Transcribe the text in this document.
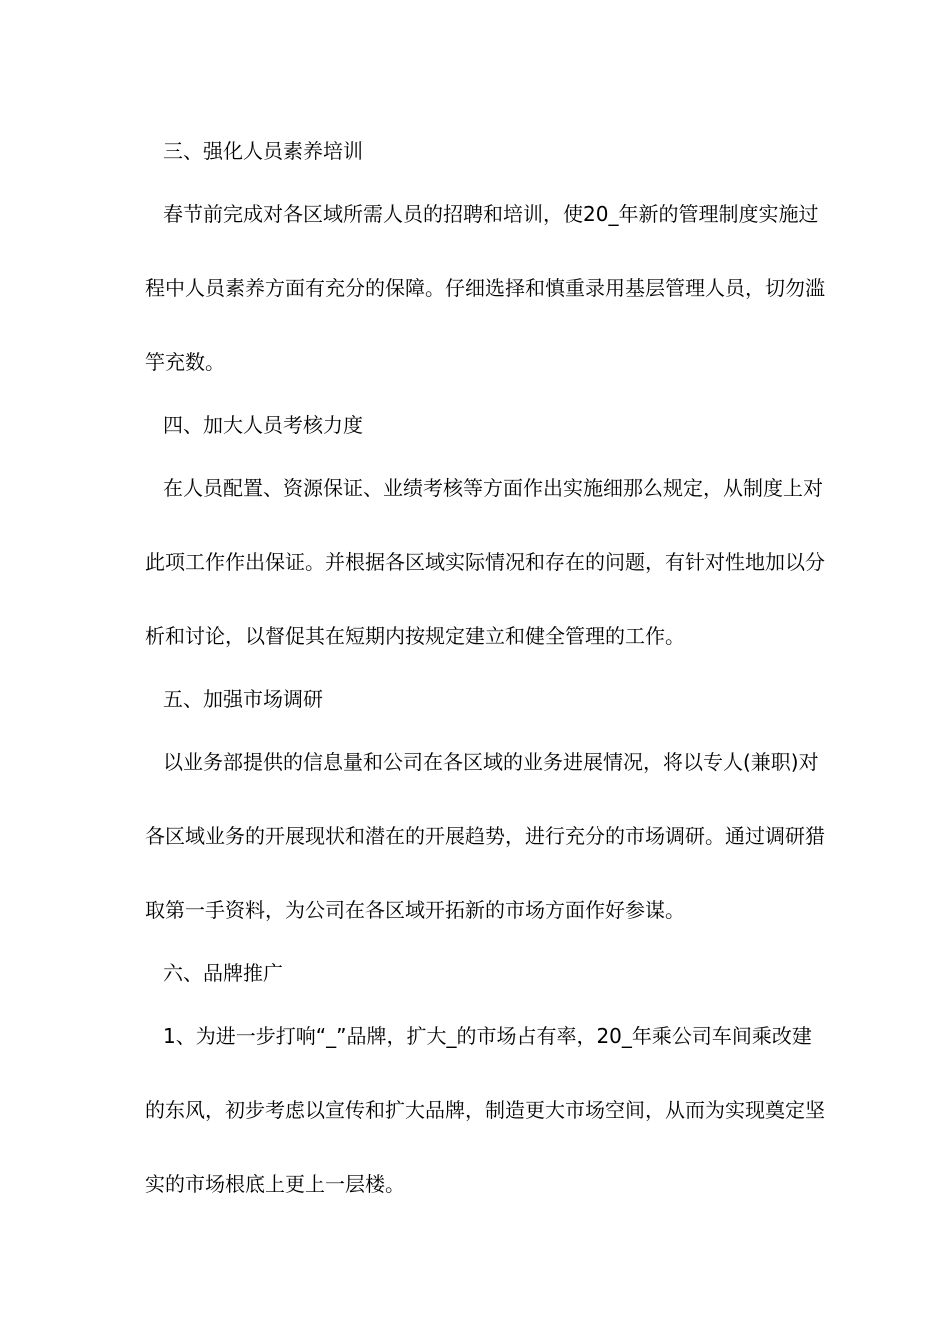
三、强化人员素养培训

春节前完成对各区域所需人员的招聘和培训，使20_年新的管理制度实施过

程中人员素养方面有充分的保障。仔细选择和慎重录用基层管理人员，切勿滥

竽充数。

四、加大人员考核力度

在人员配置、资源保证、业绩考核等方面作出实施细那么规定，从制度上对

此项工作作出保证。并根据各区域实际情况和存在的问题，有针对性地加以分

析和讨论，以督促其在短期内按规定建立和健全管理的工作。

五、加强市场调研

以业务部提供的信息量和公司在各区域的业务进展情况，将以专人(兼职)对

各区域业务的开展现状和潜在的开展趋势，进行充分的市场调研。通过调研猎

取第一手资料，为公司在各区域开拓新的市场方面作好参谋。

六、品牌推广

1、为进一步打响“_”品牌，扩大_的市场占有率，20_年乘公司车间乘改建

的东风，初步考虑以宣传和扩大品牌，制造更大市场空间，从而为实现奠定坚

实的市场根底上更上一层楼。
